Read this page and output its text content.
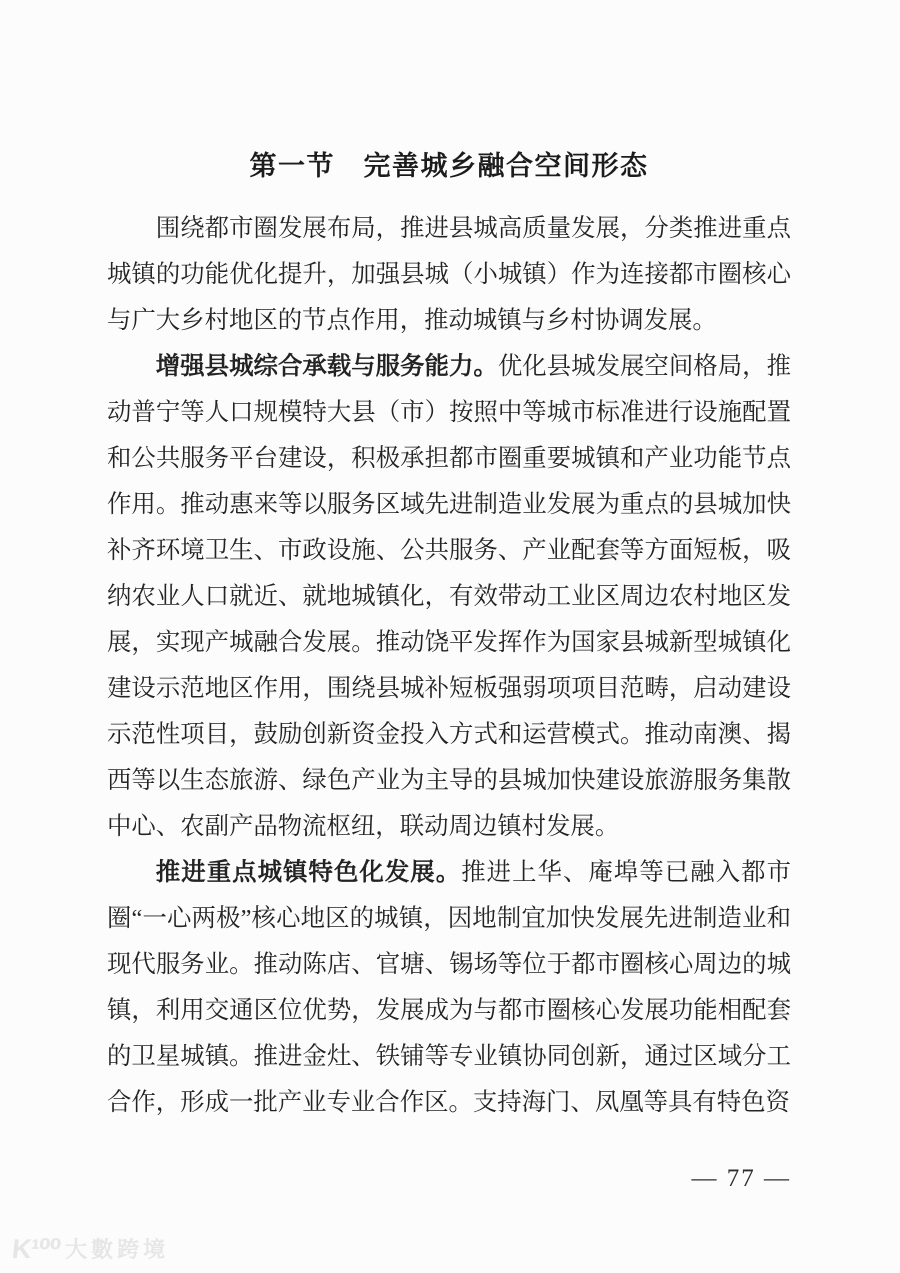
第一节　完善城乡融合空间形态

围绕都市圈发展布局，推进县城高质量发展，分类推进重点城镇的功能优化提升，加强县城（小城镇）作为连接都市圈核心与广大乡村地区的节点作用，推动城镇与乡村协调发展。

增强县城综合承载与服务能力。优化县城发展空间格局，推动普宁等人口规模特大县（市）按照中等城市标准进行设施配置和公共服务平台建设，积极承担都市圈重要城镇和产业功能节点作用。推动惠来等以服务区域先进制造业发展为重点的县城加快补齐环境卫生、市政设施、公共服务、产业配套等方面短板，吸纳农业人口就近、就地城镇化，有效带动工业区周边农村地区发展，实现产城融合发展。推动饶平发挥作为国家县城新型城镇化建设示范地区作用，围绕县城补短板强弱项项目范畴，启动建设示范性项目，鼓励创新资金投入方式和运营模式。推动南澳、揭西等以生态旅游、绿色产业为主导的县城加快建设旅游服务集散中心、农副产品物流枢纽，联动周边镇村发展。

推进重点城镇特色化发展。推进上华、庵埠等已融入都市圈“一心两极”核心地区的城镇，因地制宜加快发展先进制造业和现代服务业。推动陈店、官塘、锡场等位于都市圈核心周边的城镇，利用交通区位优势，发展成为与都市圈核心发展功能相配套的卫星城镇。推进金灶、铁铺等专业镇协同创新，通过区域分工合作，形成一批产业专业合作区。支持海门、凤凰等具有特色资

— 77 —
K¹⁰⁰ 大數跨境
